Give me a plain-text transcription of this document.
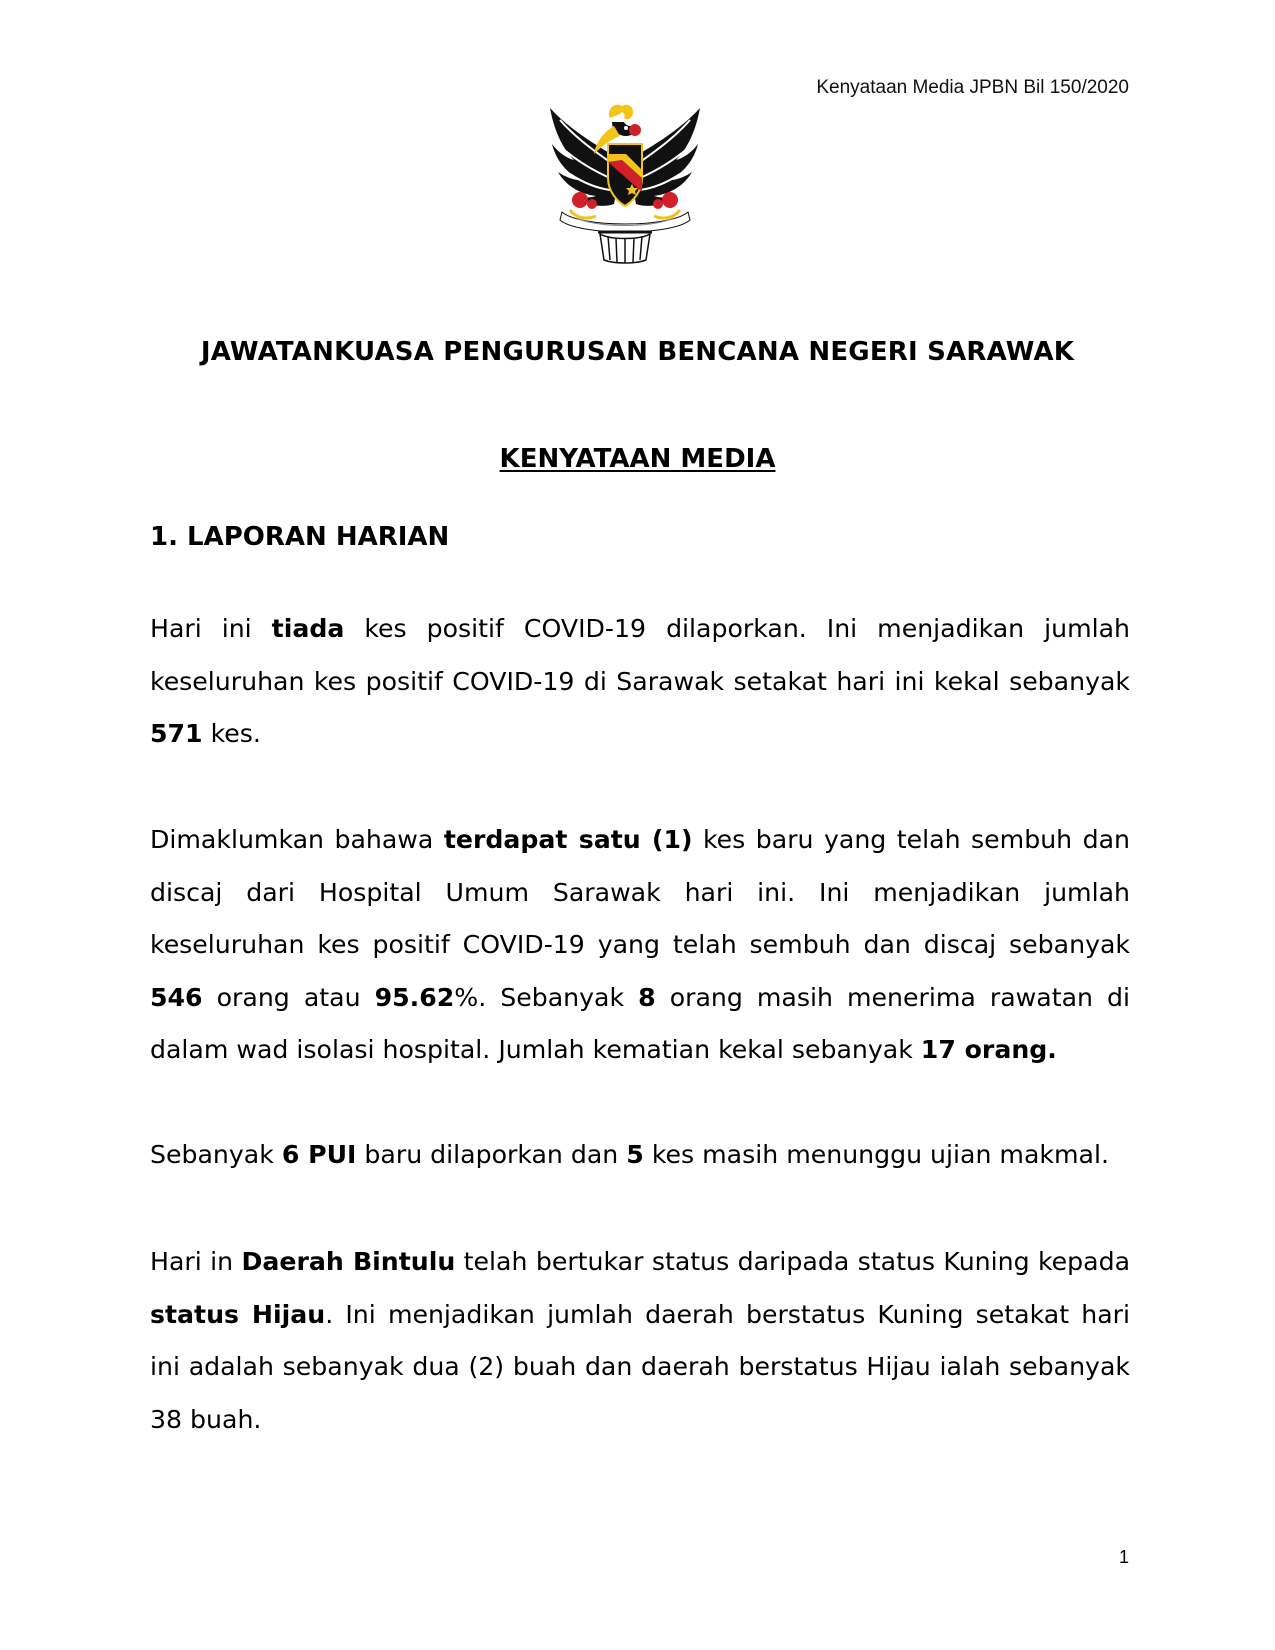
Kenyataan Media JPBN Bil 150/2020
JAWATANKUASA PENGURUSAN BENCANA NEGERI SARAWAK
KENYATAAN MEDIA
1. LAPORAN HARIAN
Hari ini tiada kes positif COVID-19 dilaporkan. Ini menjadikan jumlah keseluruhan kes positif COVID-19 di Sarawak setakat hari ini kekal sebanyak 571 kes.
Dimaklumkan bahawa terdapat satu (1) kes baru yang telah sembuh dan discaj dari Hospital Umum Sarawak hari ini. Ini menjadikan jumlah keseluruhan kes positif COVID-19 yang telah sembuh dan discaj sebanyak 546 orang atau 95.62%. Sebanyak 8 orang masih menerima rawatan di dalam wad isolasi hospital. Jumlah kematian kekal sebanyak 17 orang.
Sebanyak 6 PUI baru dilaporkan dan 5 kes masih menunggu ujian makmal.
Hari in Daerah Bintulu telah bertukar status daripada status Kuning kepada status Hijau. Ini menjadikan jumlah daerah berstatus Kuning setakat hari ini adalah sebanyak dua (2) buah dan daerah berstatus Hijau ialah sebanyak 38 buah.
1
